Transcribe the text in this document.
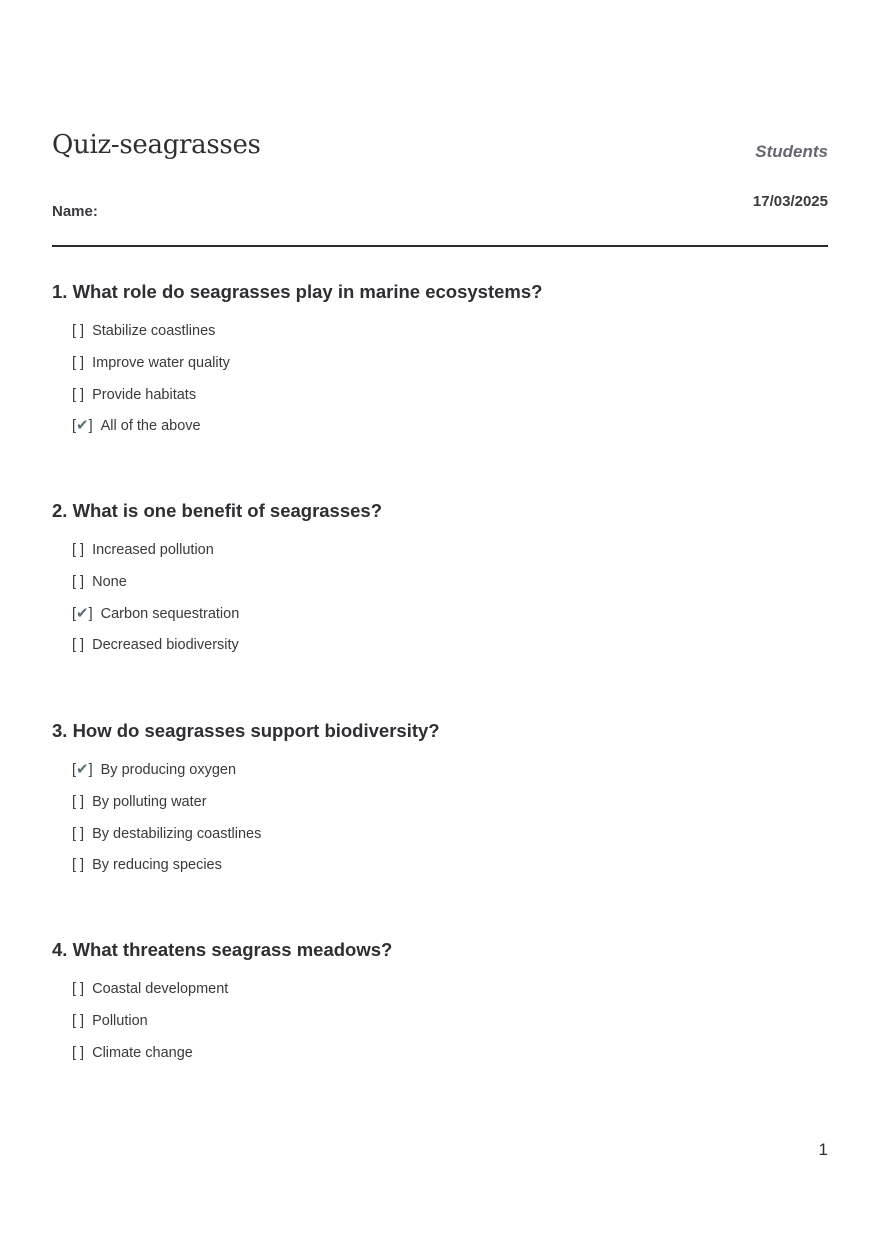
Quiz-seagrasses	Students
17/03/2025
Name:
1. What role do seagrasses play in marine ecosystems?
[ ] Stabilize coastlines
[ ] Improve water quality
[ ] Provide habitats
[✔] All of the above
2. What is one benefit of seagrasses?
[ ] Increased pollution
[ ] None
[✔] Carbon sequestration
[ ] Decreased biodiversity
3. How do seagrasses support biodiversity?
[✔] By producing oxygen
[ ] By polluting water
[ ] By destabilizing coastlines
[ ] By reducing species
4. What threatens seagrass meadows?
[ ] Coastal development
[ ] Pollution
[ ] Climate change
1
